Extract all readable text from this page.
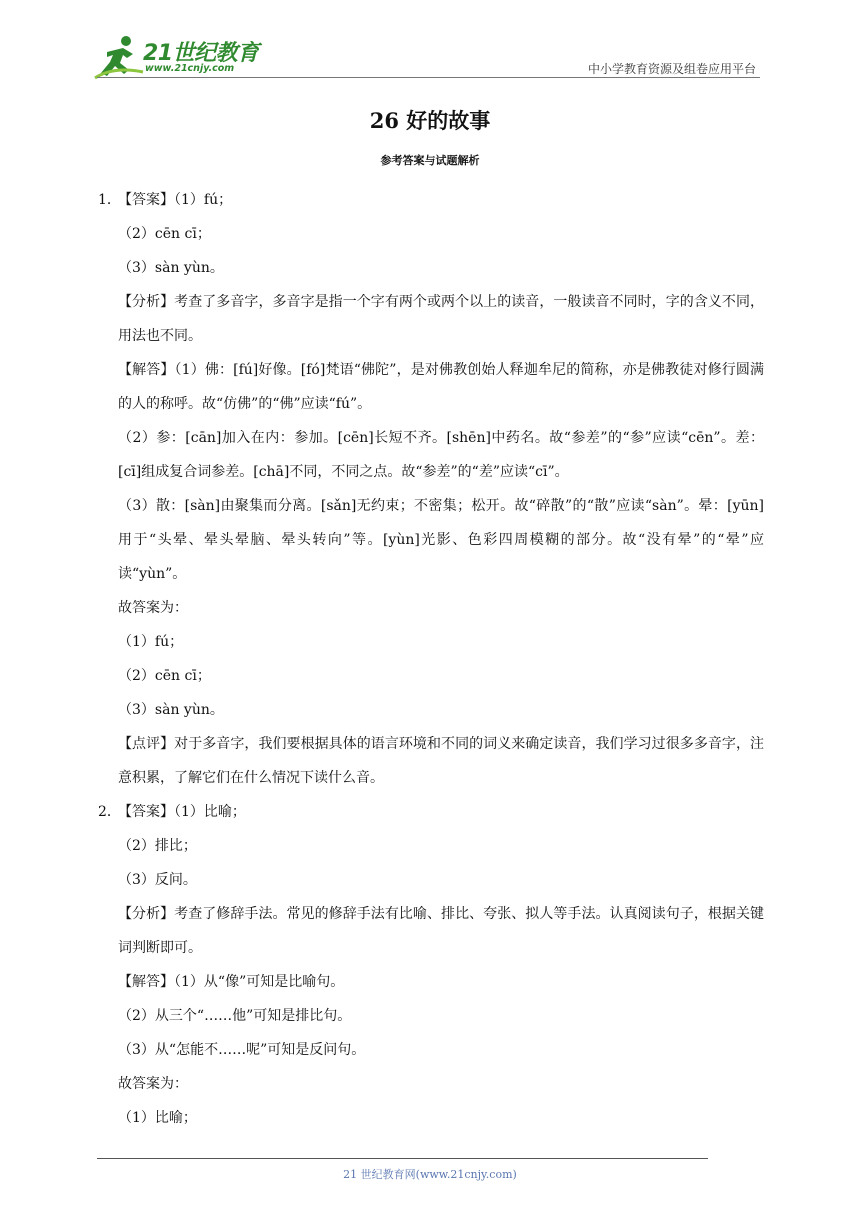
21世纪教育
www.21cnjy.com	中小学教育资源及组卷应用平台
26 好的故事
参考答案与试题解析
1．【答案】（1）fú；
（2）cēn cī；
（3）sàn yùn。
【分析】考查了多音字，多音字是指一个字有两个或两个以上的读音，一般读音不同时，字的含义不同，用法也不同。
【解答】（1）佛：[fú]好像。[fó]梵语“佛陀”，是对佛教创始人释迦牟尼的简称，亦是佛教徒对修行圆满的人的称呼。故“仿佛”的“佛”应读“fú”。
（2）参：[cān]加入在内：参加。[cēn]长短不齐。[shēn]中药名。故“参差”的“参”应读“cēn”。差：[cī]组成复合词参差。[chā]不同，不同之点。故“参差”的“差”应读“cī”。
（3）散：[sàn]由聚集而分离。[sǎn]无约束；不密集；松开。故“碎散”的“散”应读“sàn”。晕：[yūn]用于“头晕、晕头晕脑、晕头转向”等。[yùn]光影、色彩四周模糊的部分。故“没有晕”的“晕”应读“yùn”。
故答案为：
（1）fú；
（2）cēn cī；
（3）sàn yùn。
【点评】对于多音字，我们要根据具体的语言环境和不同的词义来确定读音，我们学习过很多多音字，注意积累，了解它们在什么情况下读什么音。
2．【答案】（1）比喻；
（2）排比；
（3）反问。
【分析】考查了修辞手法。常见的修辞手法有比喻、排比、夸张、拟人等手法。认真阅读句子，根据关键词判断即可。
【解答】（1）从“像”可知是比喻句。
（2）从三个“……他”可知是排比句。
（3）从“怎能不……呢”可知是反问句。
故答案为：
（1）比喻；
21 世纪教育网(www.21cnjy.com)
